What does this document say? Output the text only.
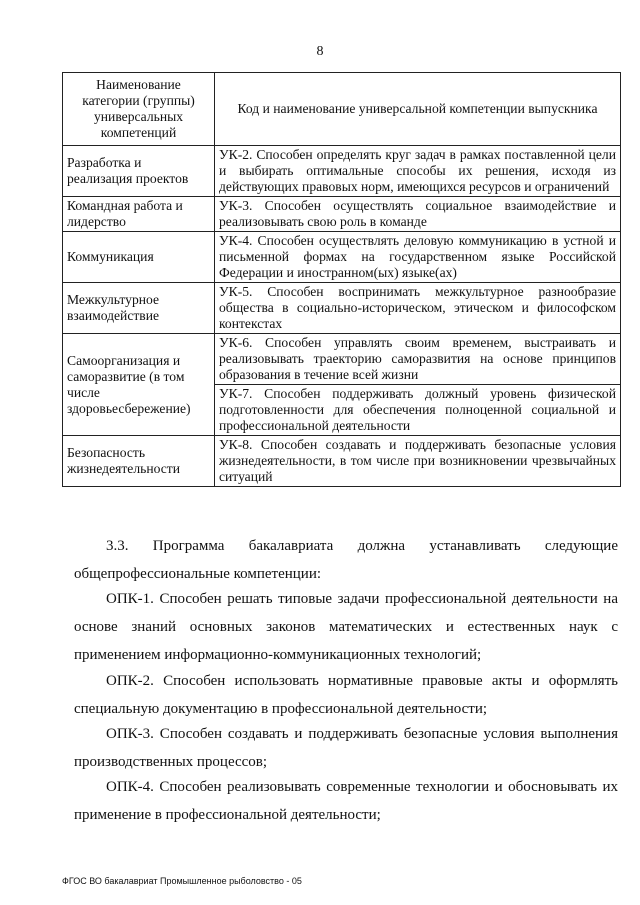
8
Наименование категории (группы) универсальных компетенций	Код и наименование универсальной компетенции выпускника
Разработка и реализация проектов	УК-2. Способен определять круг задач в рамках поставленной цели и выбирать оптимальные способы их решения, исходя из действующих правовых норм, имеющихся ресурсов и ограничений
Командная работа и лидерство	УК-3. Способен осуществлять социальное взаимодействие и реализовывать свою роль в команде
Коммуникация	УК-4. Способен осуществлять деловую коммуникацию в устной и письменной формах на государственном языке Российской Федерации и иностранном(ых) языке(ах)
Межкультурное взаимодействие	УК-5. Способен воспринимать межкультурное разнообразие общества в социально-историческом, этическом и философском контекстах
Самоорганизация и саморазвитие (в том числе здоровьесбережение)	УК-6. Способен управлять своим временем, выстраивать и реализовывать траекторию саморазвития на основе принципов образования в течение всей жизни
	УК-7. Способен поддерживать должный уровень физической подготовленности для обеспечения полноценной социальной и профессиональной деятельности
Безопасность жизнедеятельности	УК-8. Способен создавать и поддерживать безопасные условия жизнедеятельности, в том числе при возникновении чрезвычайных ситуаций

3.3. Программа бакалавриата должна устанавливать следующие общепрофессиональные компетенции:

ОПК-1. Способен решать типовые задачи профессиональной деятельности на основе знаний основных законов математических и естественных наук с применением информационно-коммуникационных технологий;

ОПК-2. Способен использовать нормативные правовые акты и оформлять специальную документацию в профессиональной деятельности;

ОПК-3. Способен создавать и поддерживать безопасные условия выполнения производственных процессов;

ОПК-4. Способен реализовывать современные технологии и обосновывать их применение в профессиональной деятельности;

ФГОС ВО бакалавриат Промышленное рыболовство - 05
